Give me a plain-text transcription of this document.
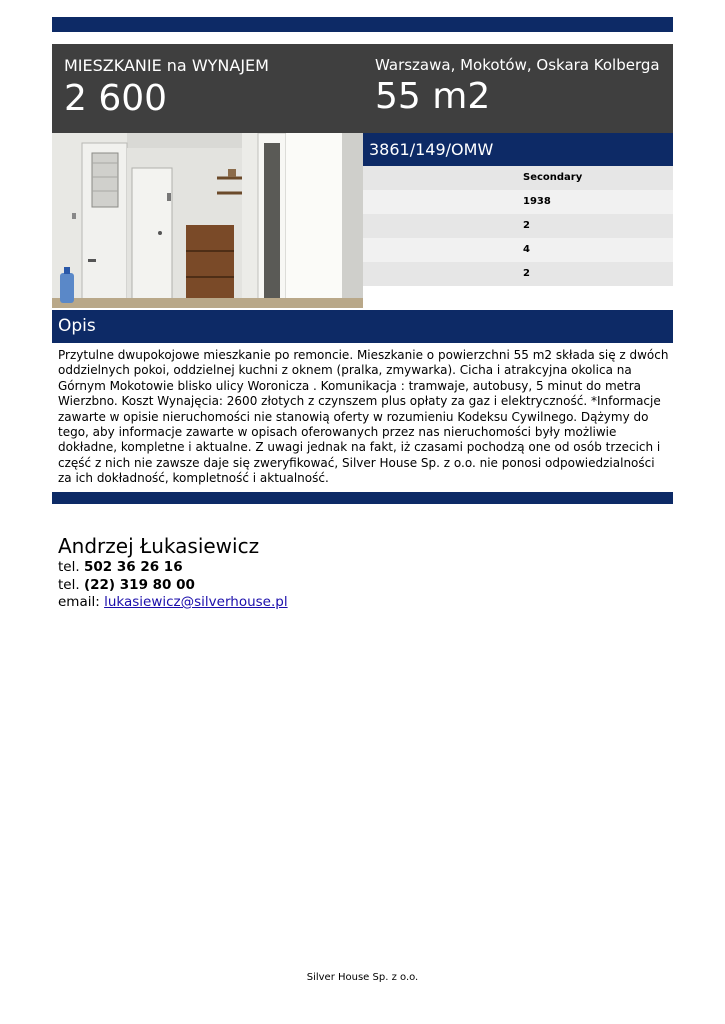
MIESZKANIE na WYNAJEM
2 600
Warszawa, Mokotów, Oskara Kolberga
55 m2
3861/149/OMW
Secondary
1938
2
4
2
Opis

Przytulne dwupokojowe mieszkanie po remoncie. Mieszkanie o powierzchni 55 m2 składa się z dwóch oddzielnych pokoi, oddzielnej kuchni z oknem (pralka, zmywarka). Cicha i atrakcyjna okolica na Górnym Mokotowie blisko ulicy Woronicza . Komunikacja : tramwaje, autobusy, 5 minut do metra Wierzbno. Koszt Wynajęcia: 2600 złotych z czynszem plus opłaty za gaz i elektryczność. *Informacje zawarte w opisie nieruchomości nie stanowią oferty w rozumieniu Kodeksu Cywilnego. Dążymy do tego, aby informacje zawarte w opisach oferowanych przez nas nieruchomości były możliwie dokładne, kompletne i aktualne. Z uwagi jednak na fakt, iż czasami pochodzą one od osób trzecich i część z nich nie zawsze daje się zweryfikować, Silver House Sp. z o.o. nie ponosi odpowiedzialności za ich dokładność, kompletność i aktualność.

Andrzej Łukasiewicz
tel. 502 36 26 16
tel. (22) 319 80 00
email: lukasiewicz@silverhouse.pl
Silver House Sp. z o.o.
